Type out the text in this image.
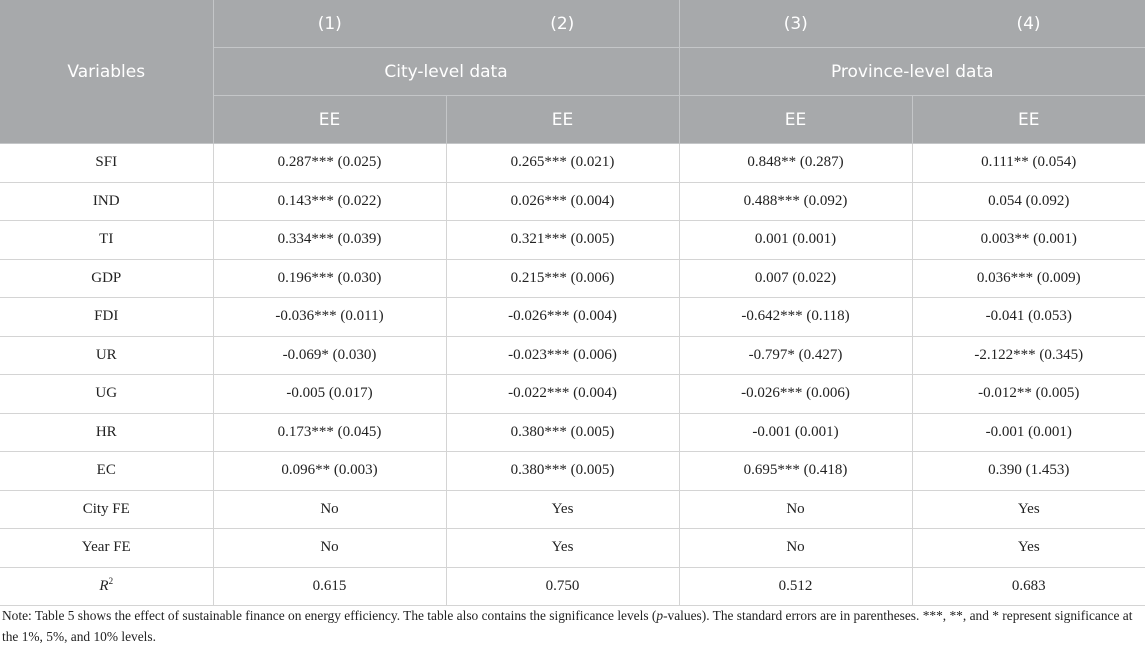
Variables	(1)	(2)	(3)	(4)
	City-level data		Province-level data	
	EE	EE	EE	EE
SFI	0.287*** (0.025)	0.265*** (0.021)	0.848** (0.287)	0.111** (0.054)
IND	0.143*** (0.022)	0.026*** (0.004)	0.488*** (0.092)	0.054 (0.092)
TI	0.334*** (0.039)	0.321*** (0.005)	0.001 (0.001)	0.003** (0.001)
GDP	0.196*** (0.030)	0.215*** (0.006)	0.007 (0.022)	0.036*** (0.009)
FDI	-0.036*** (0.011)	-0.026*** (0.004)	-0.642*** (0.118)	-0.041 (0.053)
UR	-0.069* (0.030)	-0.023*** (0.006)	-0.797* (0.427)	-2.122*** (0.345)
UG	-0.005 (0.017)	-0.022*** (0.004)	-0.026*** (0.006)	-0.012** (0.005)
HR	0.173*** (0.045)	0.380*** (0.005)	-0.001 (0.001)	-0.001 (0.001)
EC	0.096** (0.003)	0.380*** (0.005)	0.695*** (0.418)	0.390 (1.453)
City FE	No	Yes	No	Yes
Year FE	No	Yes	No	Yes
$R^2$	0.615	0.750	0.512	0.683
Note: Table 5 shows the effect of sustainable finance on energy efficiency. The table also contains the significance levels (p-values). The standard errors are in parentheses. ***, **, and * represent significance at the 1%, 5%, and 10% levels.
